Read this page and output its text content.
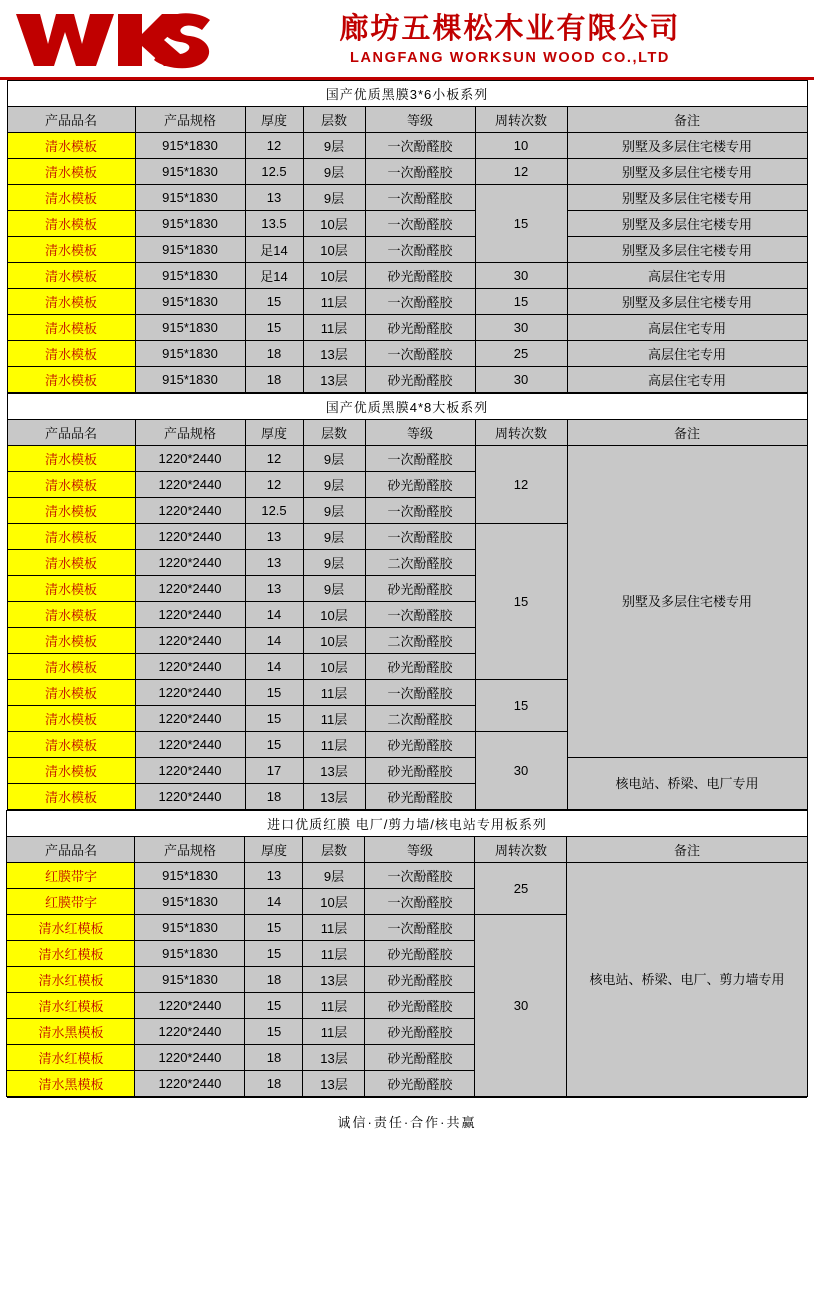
廊坊五棵松木业有限公司
LANGFANG WORKSUN WOOD CO.,LTD
国产优质黑膜3*6小板系列						
产品品名	产品规格	厚度	层数	等级	周转次数	备注
清水模板	915*1830	12	9层	一次酚醛胶	10	别墅及多层住宅楼专用
清水模板	915*1830	12.5	9层	一次酚醛胶	12	别墅及多层住宅楼专用
清水模板	915*1830	13	9层	一次酚醛胶	15	别墅及多层住宅楼专用
清水模板	915*1830	13.5	10层	一次酚醛胶		别墅及多层住宅楼专用
清水模板	915*1830	足14	10层	一次酚醛胶		别墅及多层住宅楼专用
清水模板	915*1830	足14	10层	砂光酚醛胶	30	高层住宅专用
清水模板	915*1830	15	11层	一次酚醛胶	15	别墅及多层住宅楼专用
清水模板	915*1830	15	11层	砂光酚醛胶	30	高层住宅专用
清水模板	915*1830	18	13层	一次酚醛胶	25	高层住宅专用
清水模板	915*1830	18	13层	砂光酚醛胶	30	高层住宅专用
国产优质黑膜4*8大板系列						
产品品名	产品规格	厚度	层数	等级	周转次数	备注
清水模板	1220*2440	12	9层	一次酚醛胶	12	别墅及多层住宅楼专用
清水模板	1220*2440	12	9层	砂光酚醛胶		
清水模板	1220*2440	12.5	9层	一次酚醛胶		
清水模板	1220*2440	13	9层	一次酚醛胶	15	
清水模板	1220*2440	13	9层	二次酚醛胶		
清水模板	1220*2440	13	9层	砂光酚醛胶		
清水模板	1220*2440	14	10层	一次酚醛胶		
清水模板	1220*2440	14	10层	二次酚醛胶		
清水模板	1220*2440	14	10层	砂光酚醛胶		
清水模板	1220*2440	15	11层	一次酚醛胶	15	
清水模板	1220*2440	15	11层	二次酚醛胶		
清水模板	1220*2440	15	11层	砂光酚醛胶	30	
清水模板	1220*2440	17	13层	砂光酚醛胶		核电站、桥梁、电厂专用
清水模板	1220*2440	18	13层	砂光酚醛胶		
进口优质红膜 电厂/剪力墙/核电站专用板系列						
产品品名	产品规格	厚度	层数	等级	周转次数	备注
红膜带字	915*1830	13	9层	一次酚醛胶	25	核电站、桥梁、电厂、剪力墙专用
红膜带字	915*1830	14	10层	一次酚醛胶		
清水红模板	915*1830	15	11层	一次酚醛胶	30	
清水红模板	915*1830	15	11层	砂光酚醛胶		
清水红模板	915*1830	18	13层	砂光酚醛胶		
清水红模板	1220*2440	15	11层	砂光酚醛胶		
清水黑模板	1220*2440	15	11层	砂光酚醛胶		
清水红模板	1220*2440	18	13层	砂光酚醛胶		
清水黑模板	1220*2440	18	13层	砂光酚醛胶		
诚信·责任·合作·共赢
